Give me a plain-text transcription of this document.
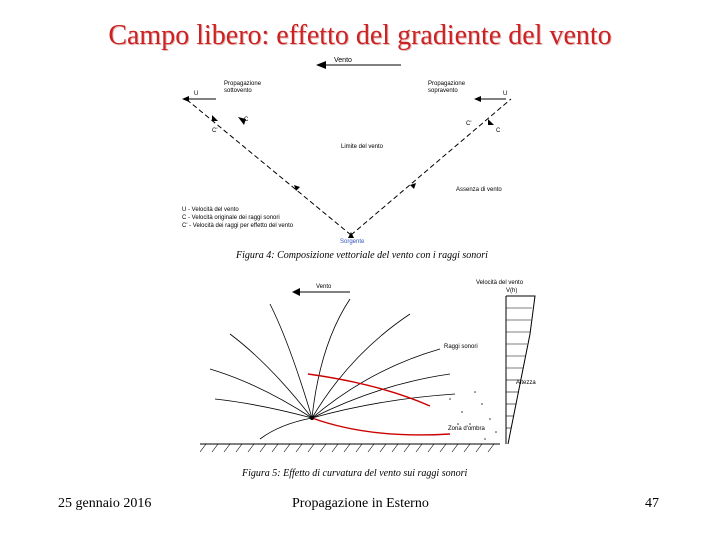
Campo libero: effetto del gradiente del vento
Vento
U	U
Propagazione
sottovento
Propagazione
sopravento
C
C'
C'
C
Limite del vento
Assenza di vento
U - Velocità del vento
C - Velocità originale dei raggi sonori
C' - Velocità dei raggi per effetto del vento
Sorgente
Figura 4: Composizione vettoriale del vento con i raggi sonori
Vento
Velocità del vento
V(h)
Altezza
Raggi sonori
Zona d'ombra
Figura 5: Effetto di curvatura del vento sui raggi sonori
25 gennaio 2016	Propagazione in Esterno	47
